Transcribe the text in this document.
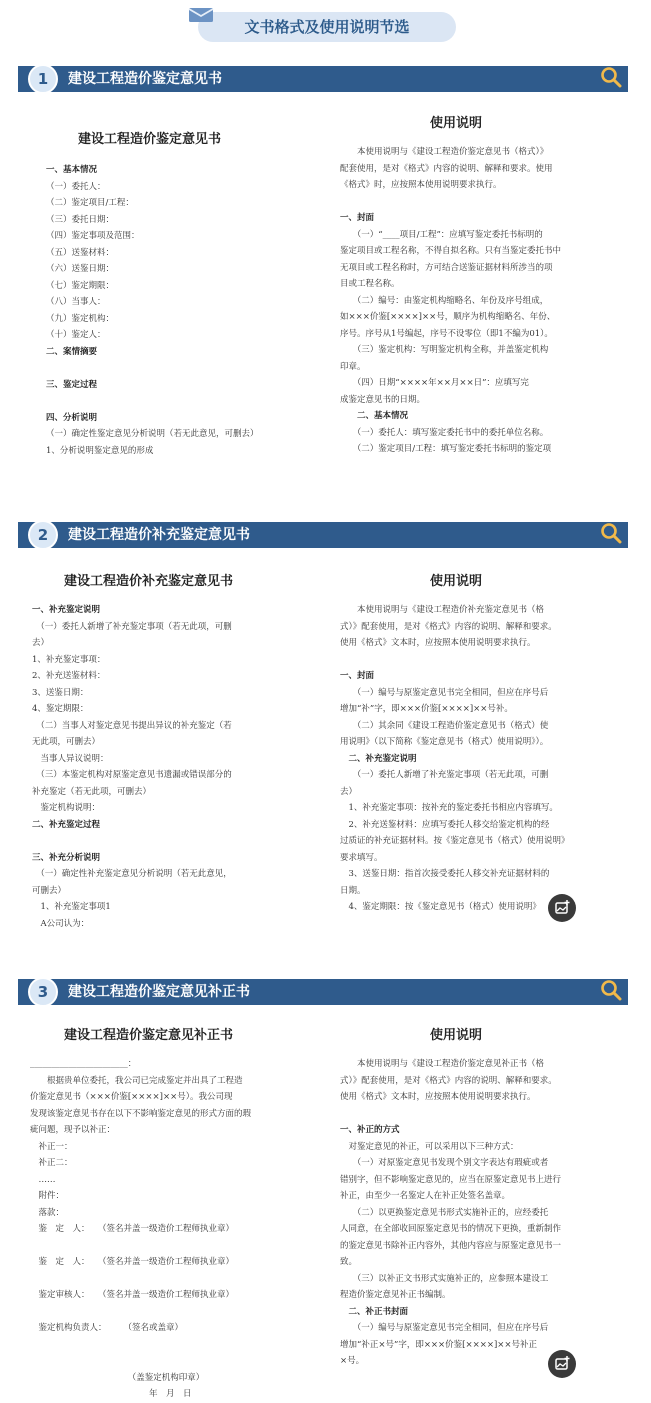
文书格式及使用说明节选
1	建设工程造价鉴定意见书
2	建设工程造价补充鉴定意见书
3	建设工程造价鉴定意见补正书
建设工程造价鉴定意见书
使用说明
建设工程造价补充鉴定意见书	使用说明
建设工程造价鉴定意见补正书	使用说明
一、基本情况
（一）委托人：
（二）鉴定项目/工程：
（三）委托日期：
（四）鉴定事项及范围：
（五）送鉴材料：
（六）送鉴日期：
（七）鉴定期限：
（八）当事人：
（九）鉴定机构：
（十）鉴定人：
二、案情摘要

三、鉴定过程

四、分析说明
（一）确定性鉴定意见分析说明（若无此意见，可删去）
1、分析说明鉴定意见的形成
　　本使用说明与《建设工程造价鉴定意见书（格式）》
配套使用，是对《格式》内容的说明、解释和要求。使用
《格式》时，应按照本使用说明要求执行。

一、封面
　　（一）“____项目/工程”：应填写鉴定委托书标明的
鉴定项目或工程名称，不得自拟名称。只有当鉴定委托书中
无项目或工程名称时，方可结合送鉴证据材料所涉当的项
目或工程名称。
　　（二）编号：由鉴定机构缩略名、年份及序号组成，
如×××价鉴[××××]××号，顺序为机构缩略名、年份、
序号。序号从1号编起，序号不设零位（即1不编为01）。
　　（三）鉴定机构：写明鉴定机构全称，并盖鉴定机构
印章。
　　（四）日期“××××年××月××日”：应填写完
成鉴定意见书的日期。
　　二、基本情况
　　（一）委托人：填写鉴定委托书中的委托单位名称。
　　（二）鉴定项目/工程：填写鉴定委托书标明的鉴定项
一、补充鉴定说明
　（一）委托人新增了补充鉴定事项（若无此项，可删
去）
1、补充鉴定事项：
2、补充送鉴材料：
3、送鉴日期：
4、鉴定期限：
　（二）当事人对鉴定意见书提出异议的补充鉴定（若
无此项，可删去）
　当事人异议说明：
　（三）本鉴定机构对原鉴定意见书遗漏或错误部分的
补充鉴定（若无此项，可删去）
　鉴定机构说明：
二、补充鉴定过程

三、补充分析说明
　（一）确定性补充鉴定意见分析说明（若无此意见，
可删去）
　1、补充鉴定事项1
　A公司认为：
　　本使用说明与《建设工程造价补充鉴定意见书（格
式）》配套使用，是对《格式》内容的说明、解释和要求。
使用《格式》文本时，应按照本使用说明要求执行。

一、封面
　　（一）编号与原鉴定意见书完全相同，但应在序号后
增加“补”字，即×××价鉴[××××]××号补。
　　（二）其余同《建设工程造价鉴定意见书（格式）使
用说明》（以下简称《鉴定意见书（格式）使用说明》）。
　二、补充鉴定说明
　　（一）委托人新增了补充鉴定事项（若无此项，可删
去）
　1、补充鉴定事项：按补充的鉴定委托书相应内容填写。
　2、补充送鉴材料：应填写委托人移交给鉴定机构的经
过质证的补充证据材料。按《鉴定意见书（格式）使用说明》
要求填写。
　3、送鉴日期：指首次接受委托人移交补充证据材料的
日期。
　4、鉴定期限：按《鉴定意见书（格式）使用说明》
_______________________：
　　根据贵单位委托，我公司已完成鉴定并出具了工程造
价鉴定意见书（×××价鉴[××××]××号）。我公司现
发现该鉴定意见书存在以下不影响鉴定意见的形式方面的瑕
疵问题，现予以补正：
　补正一：
　补正二：
　……
　附件：
　落款：
　鉴　定　人：　　（签名并盖一级造价工程师执业章）

　鉴　定　人：　　（签名并盖一级造价工程师执业章）

　鉴定审核人：　　（签名并盖一级造价工程师执业章）

　鉴定机构负责人：　　　（签名或盖章）

　　　　　　　　　　　　（盖鉴定机构印章）
　　　　　　　　　　　　　　年　月　日
　　本使用说明与《建设工程造价鉴定意见补正书（格
式）》配套使用，是对《格式》内容的说明、解释和要求。
使用《格式》文本时，应按照本使用说明要求执行。

一、补正的方式
　对鉴定意见的补正，可以采用以下三种方式：
　　（一）对原鉴定意见书发现个别文字表达有瑕疵或者
错别字，但不影响鉴定意见的，应当在原鉴定意见书上进行
补正，由至少一名鉴定人在补正处签名盖章。
　　（二）以更换鉴定意见书形式实施补正的，应经委托
人同意，在全部收回原鉴定意见书的情况下更换，重新制作
的鉴定意见书除补正内容外，其他内容应与原鉴定意见书一
致。
　　（三）以补正文书形式实施补正的，应参照本建设工
程造价鉴定意见补正书编制。
　二、补正书封面
　　（一）编号与原鉴定意见书完全相同，但应在序号后
增加“补正×号”字，即×××价鉴[××××]××号补正
×号。
